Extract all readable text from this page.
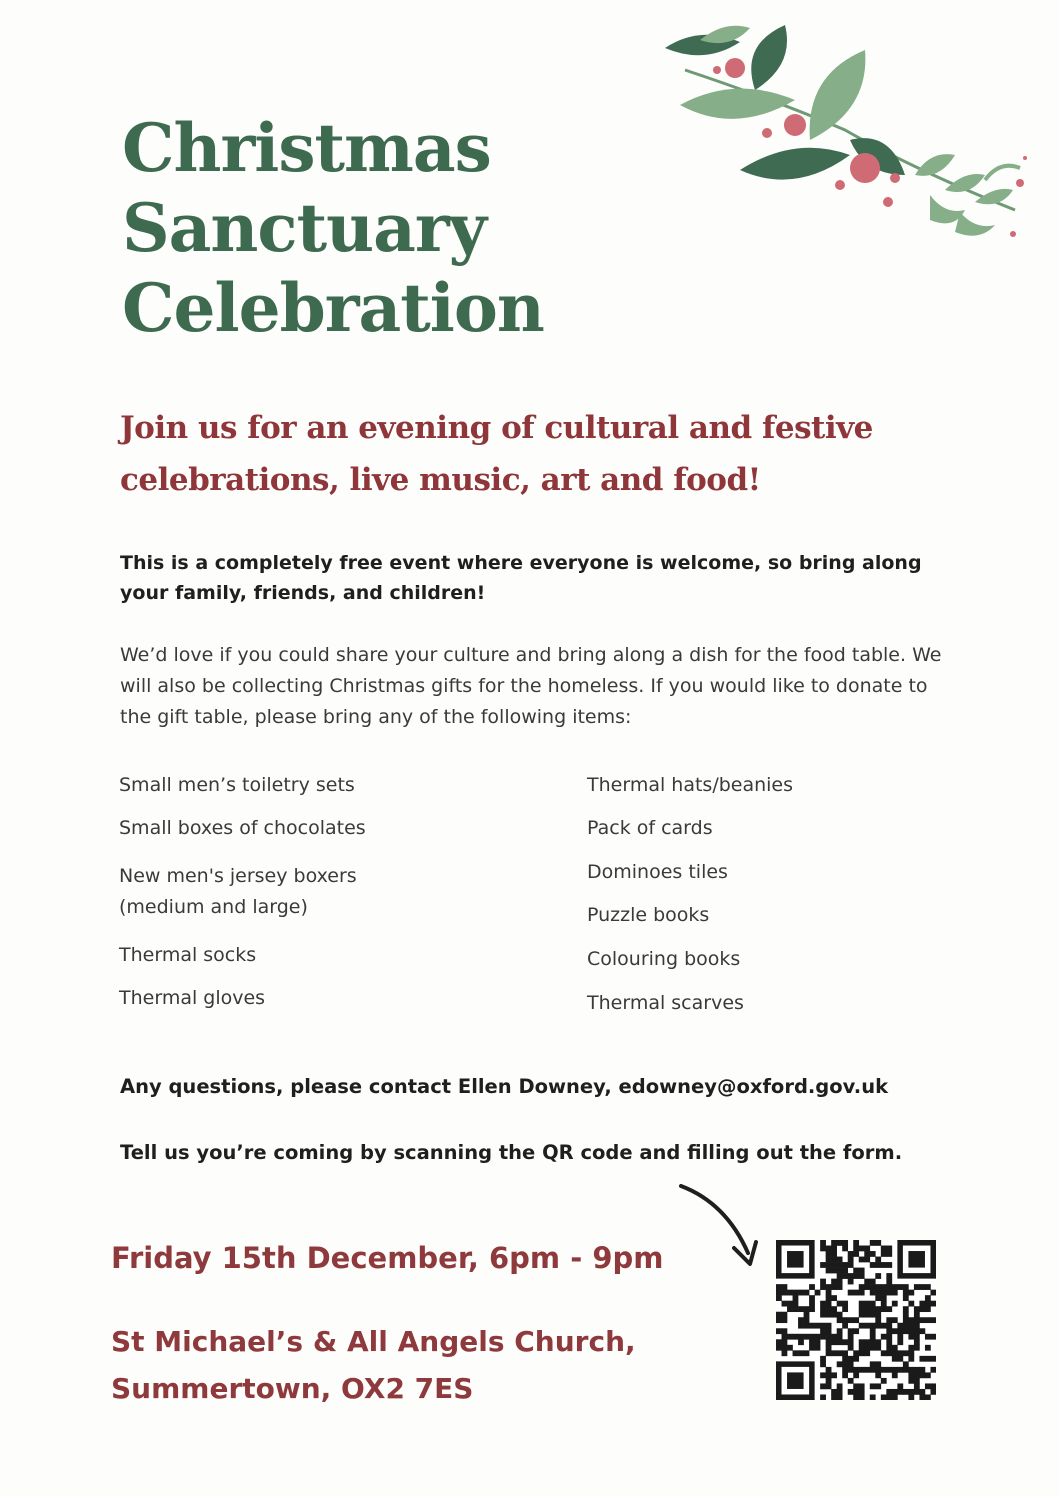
Christmas
Sanctuary
Celebration
Join us for an evening of cultural and festive
celebrations, live music, art and food!
This is a completely free event where everyone is welcome, so bring along your family, friends, and children!
We’d love if you could share your culture and bring along a dish for the food table. We will also be collecting Christmas gifts for the homeless. If you would like to donate to the gift table, please bring any of the following items:
Small men’s toiletry sets
Small boxes of chocolates
New men's jersey boxers
(medium and large)
Thermal socks
Thermal gloves
Thermal hats/beanies
Pack of cards
Dominoes tiles
Puzzle books
Colouring books
Thermal scarves
Any questions, please contact Ellen Downey, edowney@oxford.gov.uk
Tell us you’re coming by scanning the QR code and filling out the form.
Friday 15th December, 6pm - 9pm
St Michael’s & All Angels Church,
Summertown, OX2 7ES
